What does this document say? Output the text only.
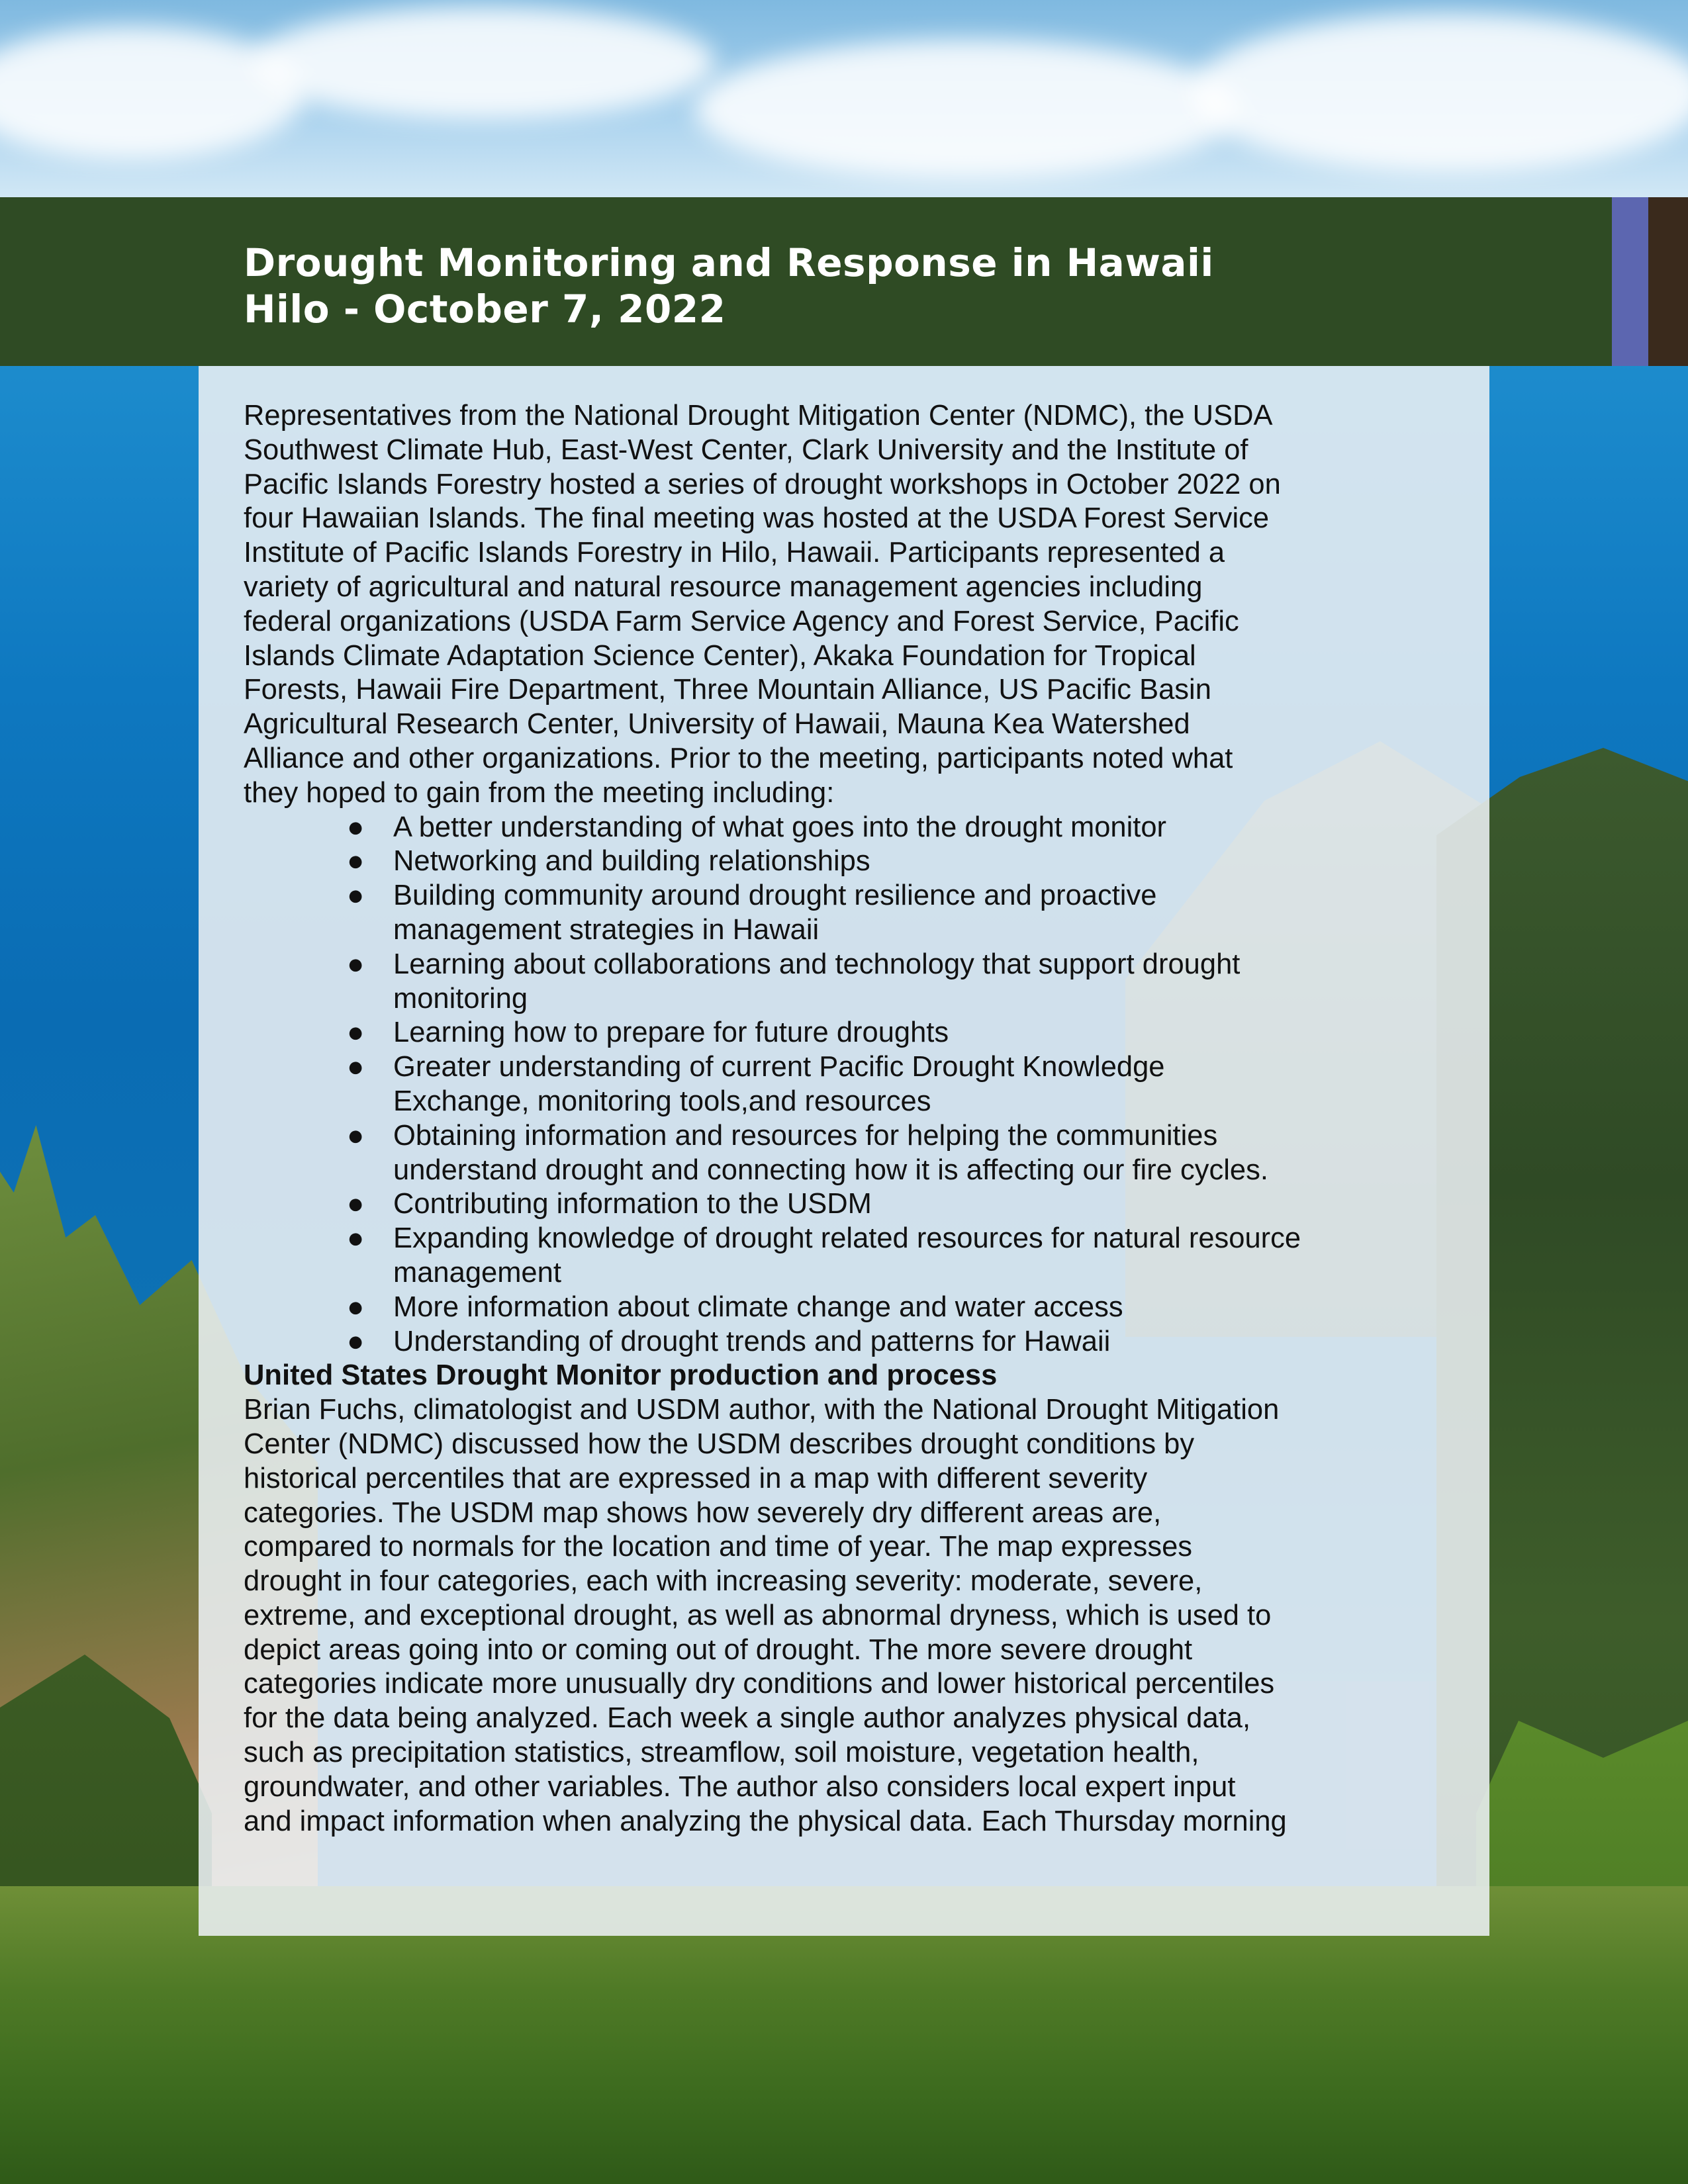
Drought Monitoring and Response in Hawaii
Hilo - October 7, 2022

Representatives from the National Drought Mitigation Center (NDMC), the USDA
Southwest Climate Hub, East-West Center, Clark University and the Institute of
Pacific Islands Forestry hosted a series of drought workshops in October 2022 on
four Hawaiian Islands. The final meeting was hosted at the USDA Forest Service
Institute of Pacific Islands Forestry in Hilo, Hawaii. Participants represented a
variety of agricultural and natural resource management agencies including
federal organizations (USDA Farm Service Agency and Forest Service, Pacific
Islands Climate Adaptation Science Center), Akaka Foundation for Tropical
Forests, Hawaii Fire Department, Three Mountain Alliance, US Pacific Basin
Agricultural Research Center, University of Hawaii, Mauna Kea Watershed
Alliance and other organizations. Prior to the meeting, participants noted what
they hoped to gain from the meeting including:

● A better understanding of what goes into the drought monitor
● Networking and building relationships
● Building community around drought resilience and proactive
management strategies in Hawaii
● Learning about collaborations and technology that support drought
monitoring
● Learning how to prepare for future droughts
● Greater understanding of current Pacific Drought Knowledge
Exchange, monitoring tools,and resources
● Obtaining information and resources for helping the communities
understand drought and connecting how it is affecting our fire cycles.
● Contributing information to the USDM
● Expanding knowledge of drought related resources for natural resource
management
● More information about climate change and water access
● Understanding of drought trends and patterns for Hawaii

United States Drought Monitor production and process

Brian Fuchs, climatologist and USDM author, with the National Drought Mitigation
Center (NDMC) discussed how the USDM describes drought conditions by
historical percentiles that are expressed in a map with different severity
categories. The USDM map shows how severely dry different areas are,
compared to normals for the location and time of year. The map expresses
drought in four categories, each with increasing severity: moderate, severe,
extreme, and exceptional drought, as well as abnormal dryness, which is used to
depict areas going into or coming out of drought. The more severe drought
categories indicate more unusually dry conditions and lower historical percentiles
for the data being analyzed. Each week a single author analyzes physical data,
such as precipitation statistics, streamflow, soil moisture, vegetation health,
groundwater, and other variables. The author also considers local expert input
and impact information when analyzing the physical data. Each Thursday morning
